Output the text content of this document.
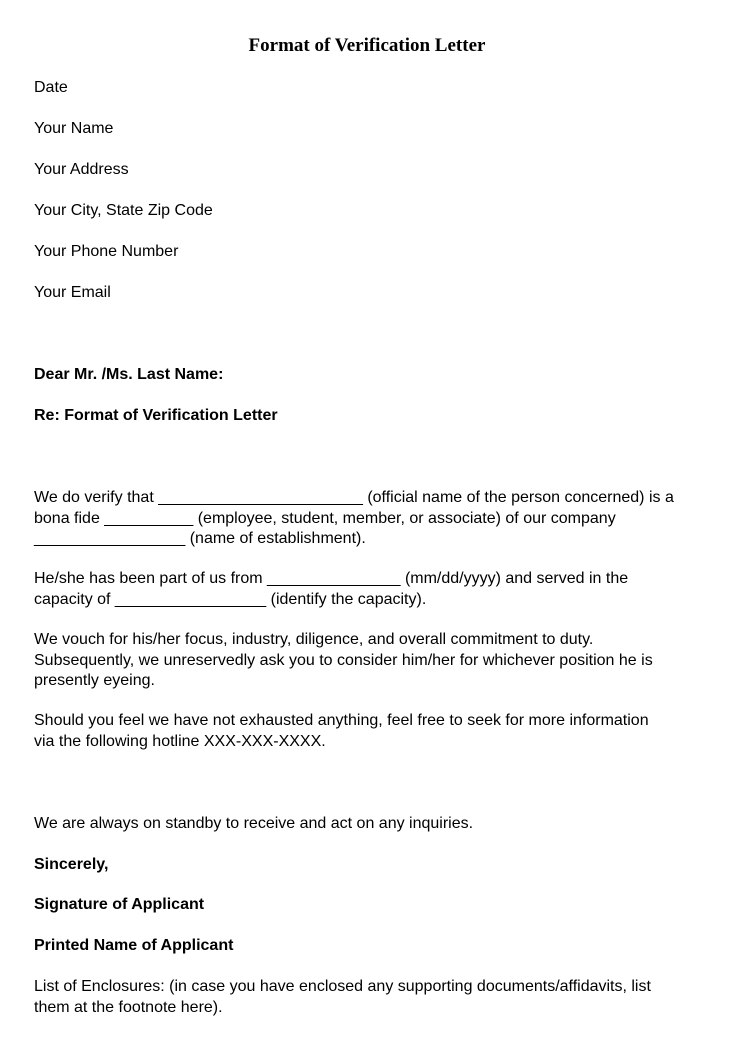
Format of Verification Letter
Date
Your Name
Your Address
Your City, State Zip Code
Your Phone Number
Your Email
Dear Mr. /Ms. Last Name:
Re: Format of Verification Letter
We do verify that _______________________ (official name of the person concerned) is a
bona fide __________ (employee, student, member, or associate) of our company
_________________ (name of establishment).
He/she has been part of us from _______________ (mm/dd/yyyy) and served in the
capacity of _________________ (identify the capacity).
We vouch for his/her focus, industry, diligence, and overall commitment to duty.
Subsequently, we unreservedly ask you to consider him/her for whichever position he is
presently eyeing.
Should you feel we have not exhausted anything, feel free to seek for more information
via the following hotline XXX-XXX-XXXX.
We are always on standby to receive and act on any inquiries.
Sincerely,
Signature of Applicant
Printed Name of Applicant
List of Enclosures: (in case you have enclosed any supporting documents/affidavits, list
them at the footnote here).
